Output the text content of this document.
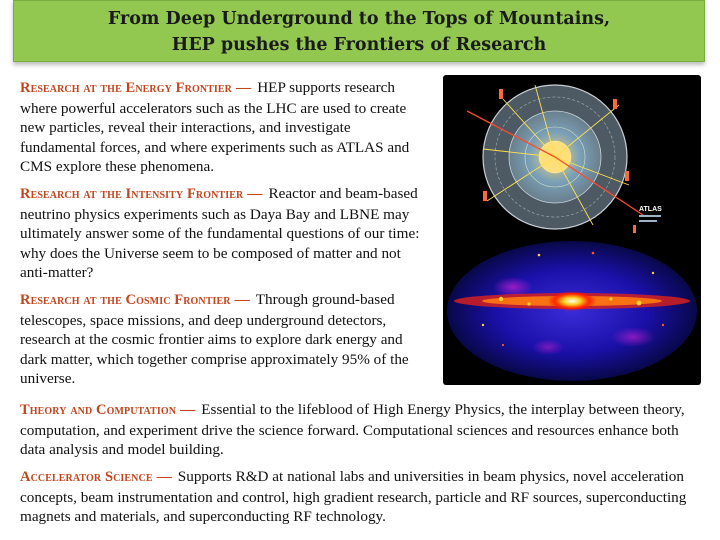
From Deep Underground to the Tops of Mountains,
HEP pushes the Frontiers of Research
Research at the Energy Frontier — HEP supports research where powerful accelerators such as the LHC are used to create new particles, reveal their interactions, and investigate fundamental forces, and where experiments such as ATLAS and CMS explore these phenomena.
Research at the Intensity Frontier — Reactor and beam-based neutrino physics experiments such as Daya Bay and LBNE may ultimately answer some of the fundamental questions of our time: why does the Universe seem to be composed of matter and not anti-matter?
Research at the Cosmic Frontier — Through ground-based telescopes, space missions, and deep underground detectors, research at the cosmic frontier aims to explore dark energy and dark matter, which together comprise approximately 95% of the universe.
Theory and Computation — Essential to the lifeblood of High Energy Physics, the interplay between theory, computation, and experiment drive the science forward. Computational sciences and resources enhance both data analysis and model building.
Accelerator Science — Supports R&D at national labs and universities in beam physics, novel acceleration concepts, beam instrumentation and control, high gradient research, particle and RF sources, superconducting magnets and materials, and superconducting RF technology.
ATLAS
